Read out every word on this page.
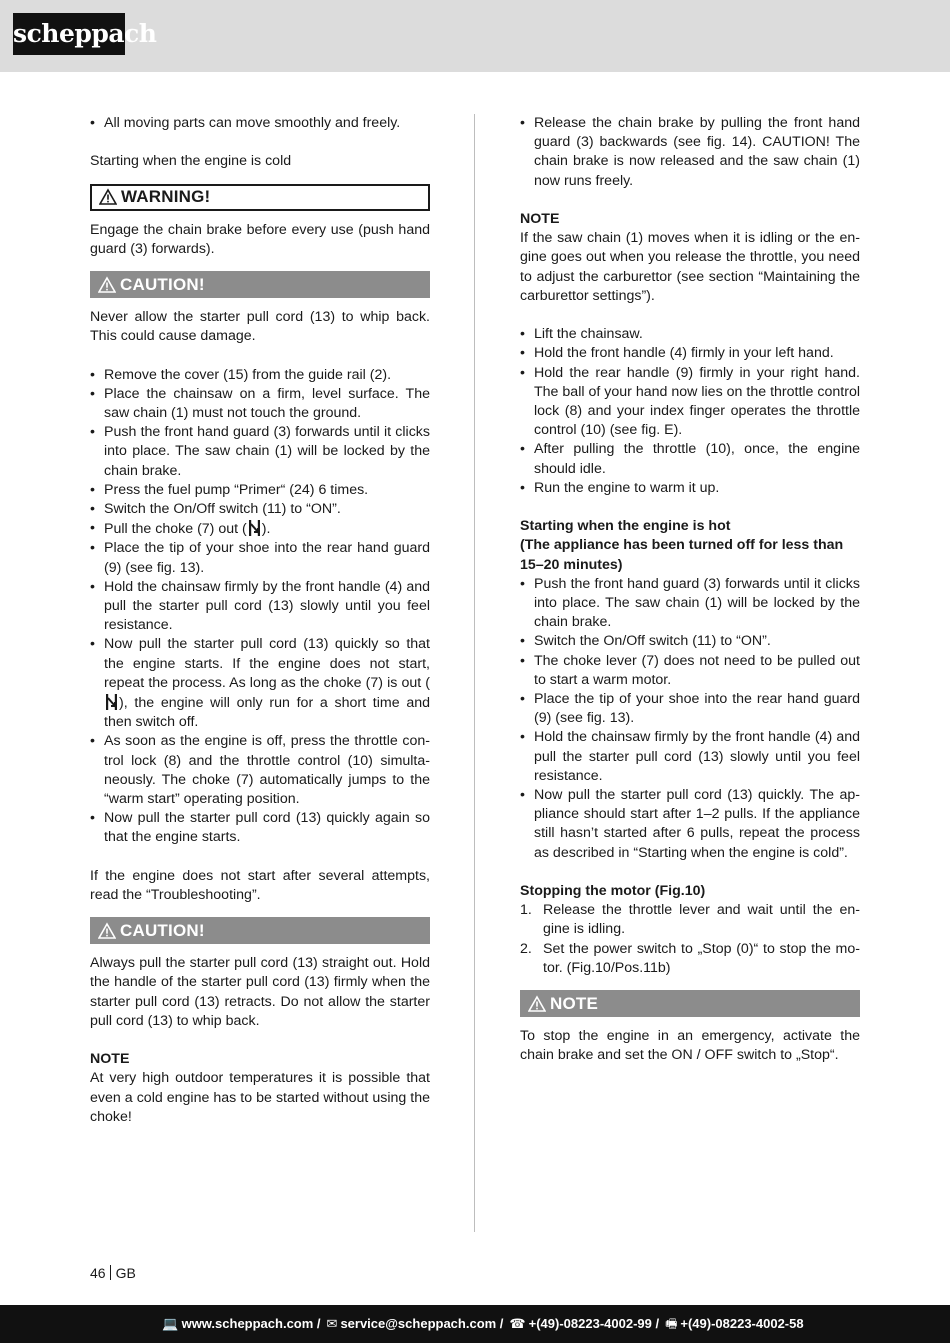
scheppach
• All moving parts can move smoothly and freely.

Starting when the engine is cold

WARNING!

Engage the chain brake before every use (push hand guard (3) forwards).

CAUTION!

Never allow the starter pull cord (13) to whip back. This could cause damage.

• Remove the cover (15) from the guide rail (2).
• Place the chainsaw on a firm, level surface. The saw chain (1) must not touch the ground.
• Push the front hand guard (3) forwards until it clicks into place. The saw chain (1) will be locked by the chain brake.
• Press the fuel pump “Primer“ (24) 6 times.
• Switch the On/Off switch (11) to “ON”.
• Pull the choke (7) out ( ).
• Place the tip of your shoe into the rear hand guard (9) (see fig. 13).
• Hold the chainsaw firmly by the front handle (4) and pull the starter pull cord (13) slowly until you feel resistance.
• Now pull the starter pull cord (13) quickly so that the engine starts. If the engine does not start, repeat the process. As long as the choke (7) is out (), the engine will only run for a short time and then switch off.
• As soon as the engine is off, press the throttle con-trol lock (8) and the throttle control (10) simulta-neously. The choke (7) automatically jumps to the “warm start” operating position.
• Now pull the starter pull cord (13) quickly again so that the engine starts.

If the engine does not start after several attempts, read the “Troubleshooting”.

CAUTION!

Always pull the starter pull cord (13) straight out. Hold the handle of the starter pull cord (13) firmly when the starter pull cord (13) retracts. Do not allow the starter pull cord (13) to whip back.

NOTE

At very high outdoor temperatures it is possible that even a cold engine has to be started without using the choke!

• Release the chain brake by pulling the front hand guard (3) backwards (see fig. 14). CAUTION! The chain brake is now released and the saw chain (1) now runs freely.

NOTE

If the saw chain (1) moves when it is idling or the en-gine goes out when you release the throttle, you need to adjust the carburettor (see section “Maintaining the carburettor settings”).

• Lift the chainsaw.
• Hold the front handle (4) firmly in your left hand.
• Hold the rear handle (9) firmly in your right hand. The ball of your hand now lies on the throttle control lock (8) and your index finger operates the throttle control (10) (see fig. E).
• After pulling the throttle (10), once, the engine should idle.
• Run the engine to warm it up.

Starting when the engine is hot

(The appliance has been turned off for less than 15–20 minutes)

• Push the front hand guard (3) forwards until it clicks into place. The saw chain (1) will be locked by the chain brake.
• Switch the On/Off switch (11) to “ON”.
• The choke lever (7) does not need to be pulled out to start a warm motor.
• Place the tip of your shoe into the rear hand guard (9) (see fig. 13).
• Hold the chainsaw firmly by the front handle (4) and pull the starter pull cord (13) slowly until you feel resistance.
• Now pull the starter pull cord (13) quickly. The ap-pliance should start after 1–2 pulls. If the appliance still hasn’t started after 6 pulls, repeat the process as described in “Starting when the engine is cold”.

Stopping the motor (Fig.10)

1. Release the throttle lever and wait until the en-gine is idling.
2. Set the power switch to „Stop (0)“ to stop the mo-tor. (Fig.10/Pos.11b)
NOTE

To stop the engine in an emergency, activate the chain brake and set the ON / OFF switch to „Stop“.

46 GB
💻 www.scheppach.com / ✉ service@scheppach.com / ☎ +(49)-08223-4002-99 / 🖷 +(49)-08223-4002-58
